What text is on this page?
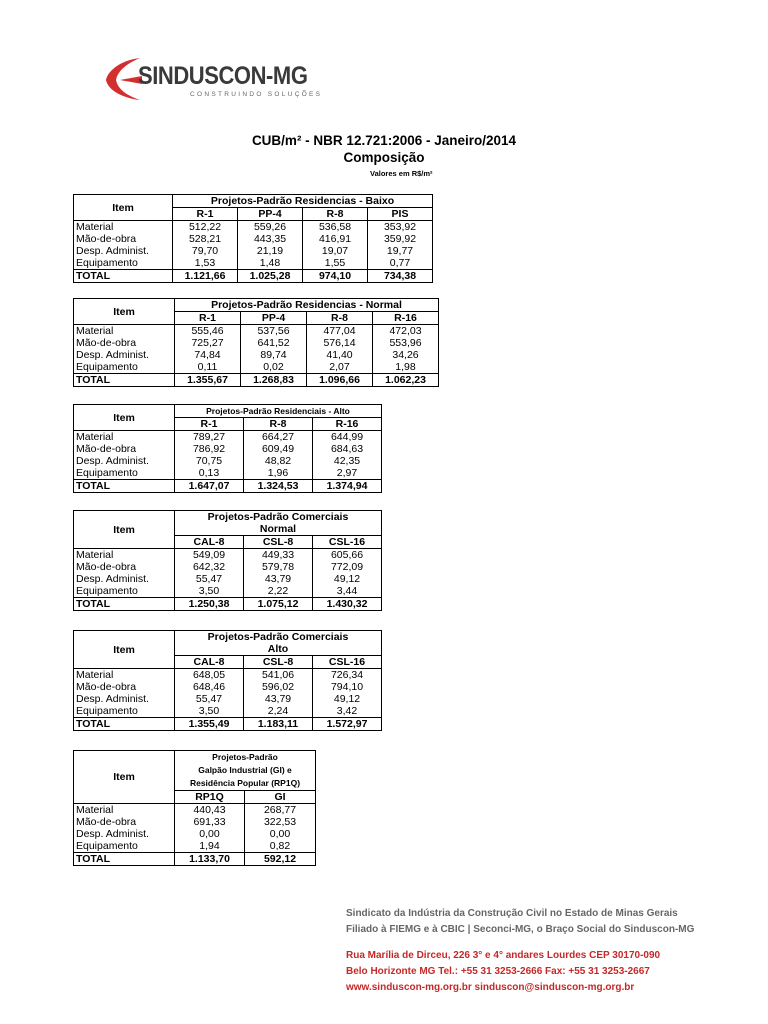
SINDUSCON-MG
CONSTRUINDO SOLUÇÕES
CUB/m² - NBR 12.721:2006 - Janeiro/2014
Composição
Valores em R$/m²
Item	Projetos-Padrão Residencias - Baixo			
	R-1	PP-4	R-8	PIS
Material	512,22	559,26	536,58	353,92
Mão-de-obra	528,21	443,35	416,91	359,92
Desp. Administ.	79,70	21,19	19,07	19,77
Equipamento	1,53	1,48	1,55	0,77
TOTAL	1.121,66	1.025,28	974,10	734,38
Item	Projetos-Padrão Residencias - Normal			
	R-1	PP-4	R-8	R-16
Material	555,46	537,56	477,04	472,03
Mão-de-obra	725,27	641,52	576,14	553,96
Desp. Administ.	74,84	89,74	41,40	34,26
Equipamento	0,11	0,02	2,07	1,98
TOTAL	1.355,67	1.268,83	1.096,66	1.062,23
Item	Projetos-Padrão Residenciais - Alto		
	R-1	R-8	R-16
Material	789,27	664,27	644,99
Mão-de-obra	786,92	609,49	684,63
Desp. Administ.	70,75	48,82	42,35
Equipamento	0,13	1,96	2,97
TOTAL	1.647,07	1.324,53	1.374,94
Item	Projetos-Padrão Comerciais		
	Normal		
	CAL-8	CSL-8	CSL-16
Material	549,09	449,33	605,66
Mão-de-obra	642,32	579,78	772,09
Desp. Administ.	55,47	43,79	49,12
Equipamento	3,50	2,22	3,44
TOTAL	1.250,38	1.075,12	1.430,32
Item	Projetos-Padrão Comerciais		
	Alto		
	CAL-8	CSL-8	CSL-16
Material	648,05	541,06	726,34
Mão-de-obra	648,46	596,02	794,10
Desp. Administ.	55,47	43,79	49,12
Equipamento	3,50	2,24	3,42
TOTAL	1.355,49	1.183,11	1.572,97
Item	Projetos-Padrão	
	Galpão Industrial (GI) e	
	Residência Popular (RP1Q)	
	RP1Q	GI
Material	440,43	268,77
Mão-de-obra	691,33	322,53
Desp. Administ.	0,00	0,00
Equipamento	1,94	0,82
TOTAL	1.133,70	592,12
Sindicato da Indústria da Construção Civil no Estado de Minas Gerais
Filiado à FIEMG e à CBIC | Seconci-MG, o Braço Social do Sinduscon-MG
Rua Marília de Dirceu, 226 3° e 4° andares Lourdes CEP 30170-090
Belo Horizonte MG Tel.: +55 31 3253-2666 Fax: +55 31 3253-2667
www.sinduscon-mg.org.br sinduscon@sinduscon-mg.org.br
